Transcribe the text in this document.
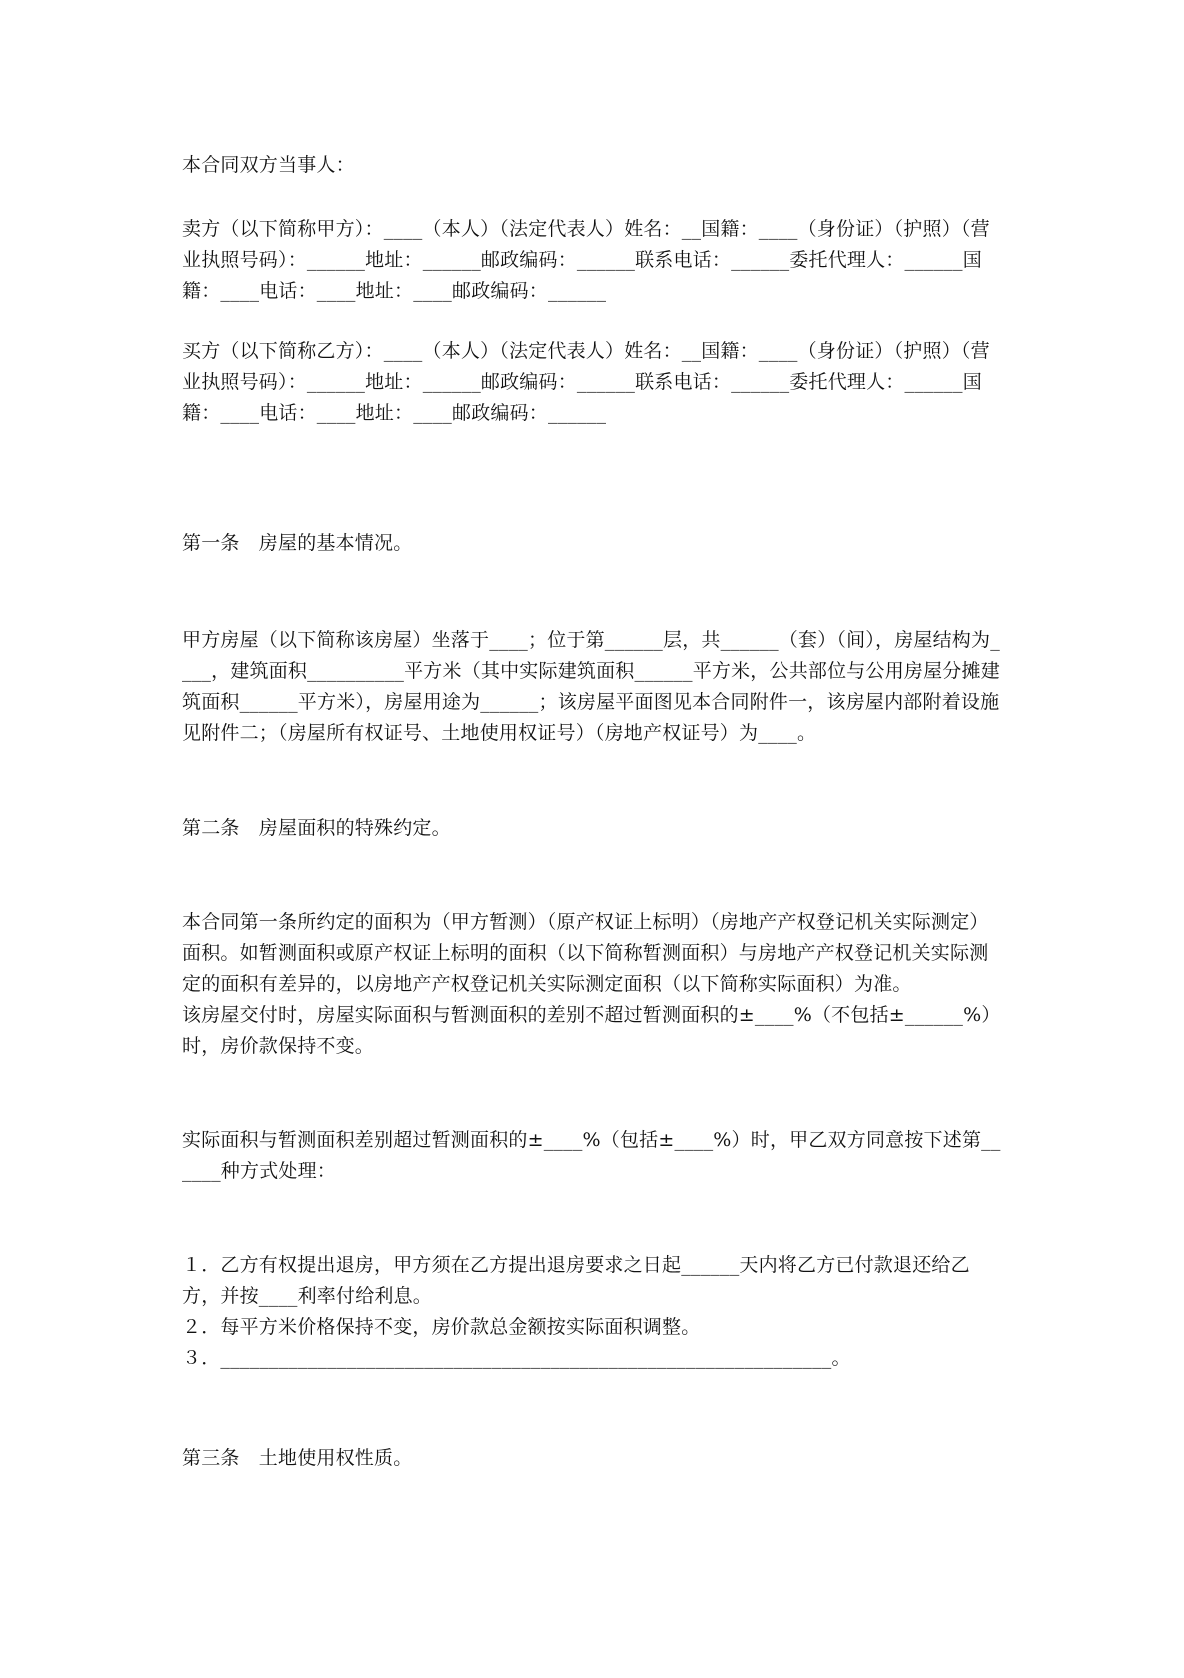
本合同双方当事人：

卖方（以下简称甲方）：____（本人）（法定代表人）姓名：__国籍：____（身份证）（护照）（营业执照号码）：______地址：______邮政编码：______联系电话：______委托代理人：______国籍：____电话：____地址：____邮政编码：______

买方（以下简称乙方）：____（本人）（法定代表人）姓名：__国籍：____（身份证）（护照）（营业执照号码）：______地址：______邮政编码：______联系电话：______委托代理人：______国籍：____电话：____地址：____邮政编码：______

第一条　房屋的基本情况。

甲方房屋（以下简称该房屋）坐落于____；位于第______层，共______（套）（间），房屋结构为____，建筑面积__________平方米（其中实际建筑面积______平方米，公共部位与公用房屋分摊建筑面积______平方米），房屋用途为______；该房屋平面图见本合同附件一，该房屋内部附着设施见附件二；（房屋所有权证号、土地使用权证号）（房地产权证号）为____。

第二条　房屋面积的特殊约定。

本合同第一条所约定的面积为（甲方暂测）（原产权证上标明）（房地产产权登记机关实际测定）面积。如暂测面积或原产权证上标明的面积（以下简称暂测面积）与房地产产权登记机关实际测定的面积有差异的，以房地产产权登记机关实际测定面积（以下简称实际面积）为准。
该房屋交付时，房屋实际面积与暂测面积的差别不超过暂测面积的±____%（不包括±______%）时，房价款保持不变。

实际面积与暂测面积差别超过暂测面积的±____%（包括±____%）时，甲乙双方同意按下述第______种方式处理：

１．乙方有权提出退房，甲方须在乙方提出退房要求之日起______天内将乙方已付款退还给乙方，并按____利率付给利息。
２．每平方米价格保持不变，房价款总金额按实际面积调整。
３．_______________________________________________________________。

第三条　土地使用权性质。
